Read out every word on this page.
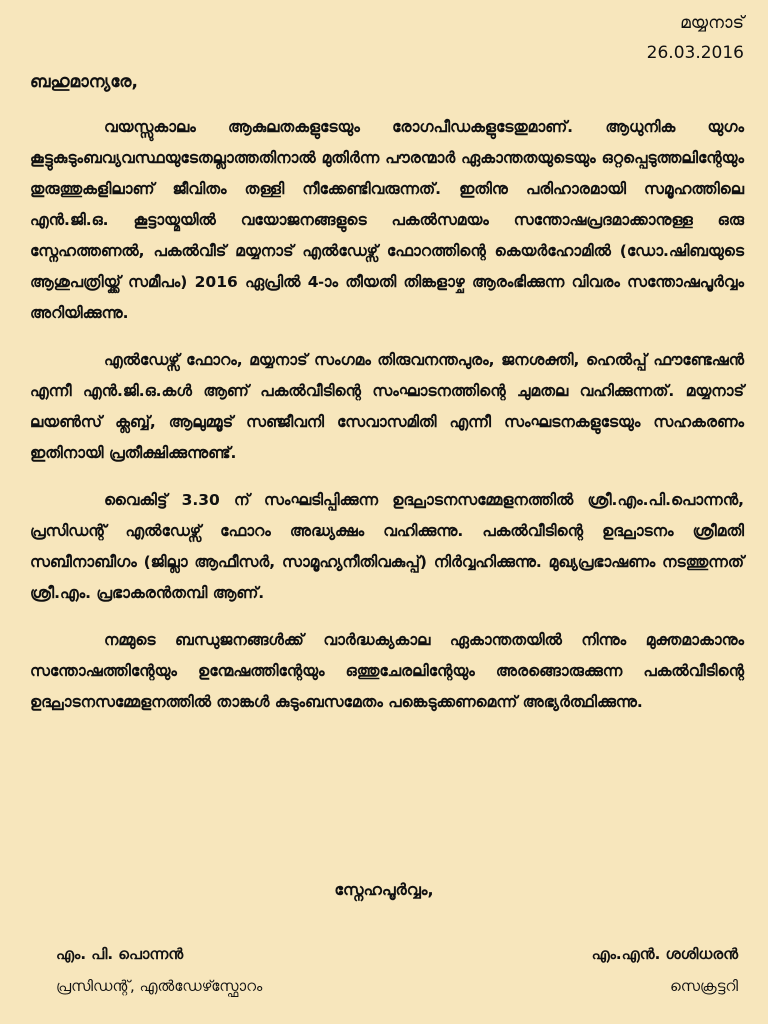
മയ്യനാട്
26.03.2016
ബഹുമാന്യരേ,

വയസ്സുകാലം ആകുലതകളുടേയും രോഗപീഡകളുടേതുമാണ്. ആധുനിക യുഗം കൂട്ടുകുടുംബവ്യവസ്ഥയുടേതല്ലാത്തതിനാൽ മുതിർന്ന പൗരന്മാർ ഏകാന്തതയുടെയും ഒറ്റപ്പെടുത്തലിന്റേയും തുരുത്തുകളിലാണ് ജീവിതം തള്ളി നീക്കേണ്ടിവരുന്നത്. ഇതിനു പരിഹാരമായി സമൂഹത്തിലെ എൻ.ജി.ഒ. കൂട്ടായ്മയിൽ വയോജനങ്ങളുടെ പകൽസമയം സന്തോഷപ്രദമാക്കാനുള്ള ഒരു സ്നേഹത്തണൽ, പകൽവീട് മയ്യനാട് എൽഡേഴ്സ് ഫോറത്തിന്റെ കെയർഹോമിൽ (ഡോ.ഷിബയുടെ ആശുപത്രിയ്ക്ക് സമീപം) 2016 ഏപ്രിൽ 4-ാം തീയതി തിങ്കളാഴ്ച ആരംഭിക്കുന്ന വിവരം സന്തോഷപൂർവ്വം അറിയിക്കുന്നു.

എൽഡേഴ്സ് ഫോറം, മയ്യനാട് സംഗമം തിരുവനന്തപുരം, ജനശക്തി, ഹെൽപ്പ് ഫൗണ്ടേഷൻ എന്നീ എൻ.ജി.ഒ.കൾ ആണ് പകൽവീടിന്റെ സംഘാടനത്തിന്റെ ചുമതല വഹിക്കുന്നത്. മയ്യനാട് ലയൺസ് ക്ലബ്ബ്, ആലുമ്മൂട് സഞ്ജീവനി സേവാസമിതി എന്നീ സംഘടനകളുടേയും സഹകരണം ഇതിനായി പ്രതീക്ഷിക്കുന്നുണ്ട്.

വൈകിട്ട് 3.30 ന് സംഘടിപ്പിക്കുന്ന ഉദ്ഘാടനസമ്മേളനത്തിൽ ശ്രീ.എം.പി.പൊന്നൻ, പ്രസിഡന്റ് എൽഡേഴ്സ് ഫോറം അദ്ധ്യക്ഷം വഹിക്കുന്നു. പകൽവീടിന്റെ ഉദ്ഘാടനം ശ്രീമതി സബീനാബീഗം (ജില്ലാ ആഫീസർ, സാമൂഹ്യനീതിവകുപ്പ്) നിർവ്വഹിക്കുന്നു. മുഖ്യപ്രഭാഷണം നടത്തുന്നത് ശ്രീ.എം. പ്രഭാകരൻതമ്പി ആണ്.

നമ്മുടെ ബന്ധുജനങ്ങൾക്ക് വാർദ്ധക്യകാല ഏകാന്തതയിൽ നിന്നും മുക്തമാകാനും സന്തോഷത്തിന്റേയും ഉന്മേഷത്തിന്റേയും ഒത്തുചേരലിന്റേയും അരങ്ങൊരുക്കുന്ന പകൽവീടിന്റെ ഉദ്ഘാടനസമ്മേളനത്തിൽ താങ്കൾ കുടുംബസമേതം പങ്കെടുക്കണമെന്ന് അഭ്യർത്ഥിക്കുന്നു.

സ്നേഹപൂർവ്വം,
എം. പി. പൊന്നൻ
പ്രസിഡന്റ്, എൽഡേഴ്സ്ഫോറം
എം.എൻ. ശശിധരൻ
സെക്രട്ടറി
